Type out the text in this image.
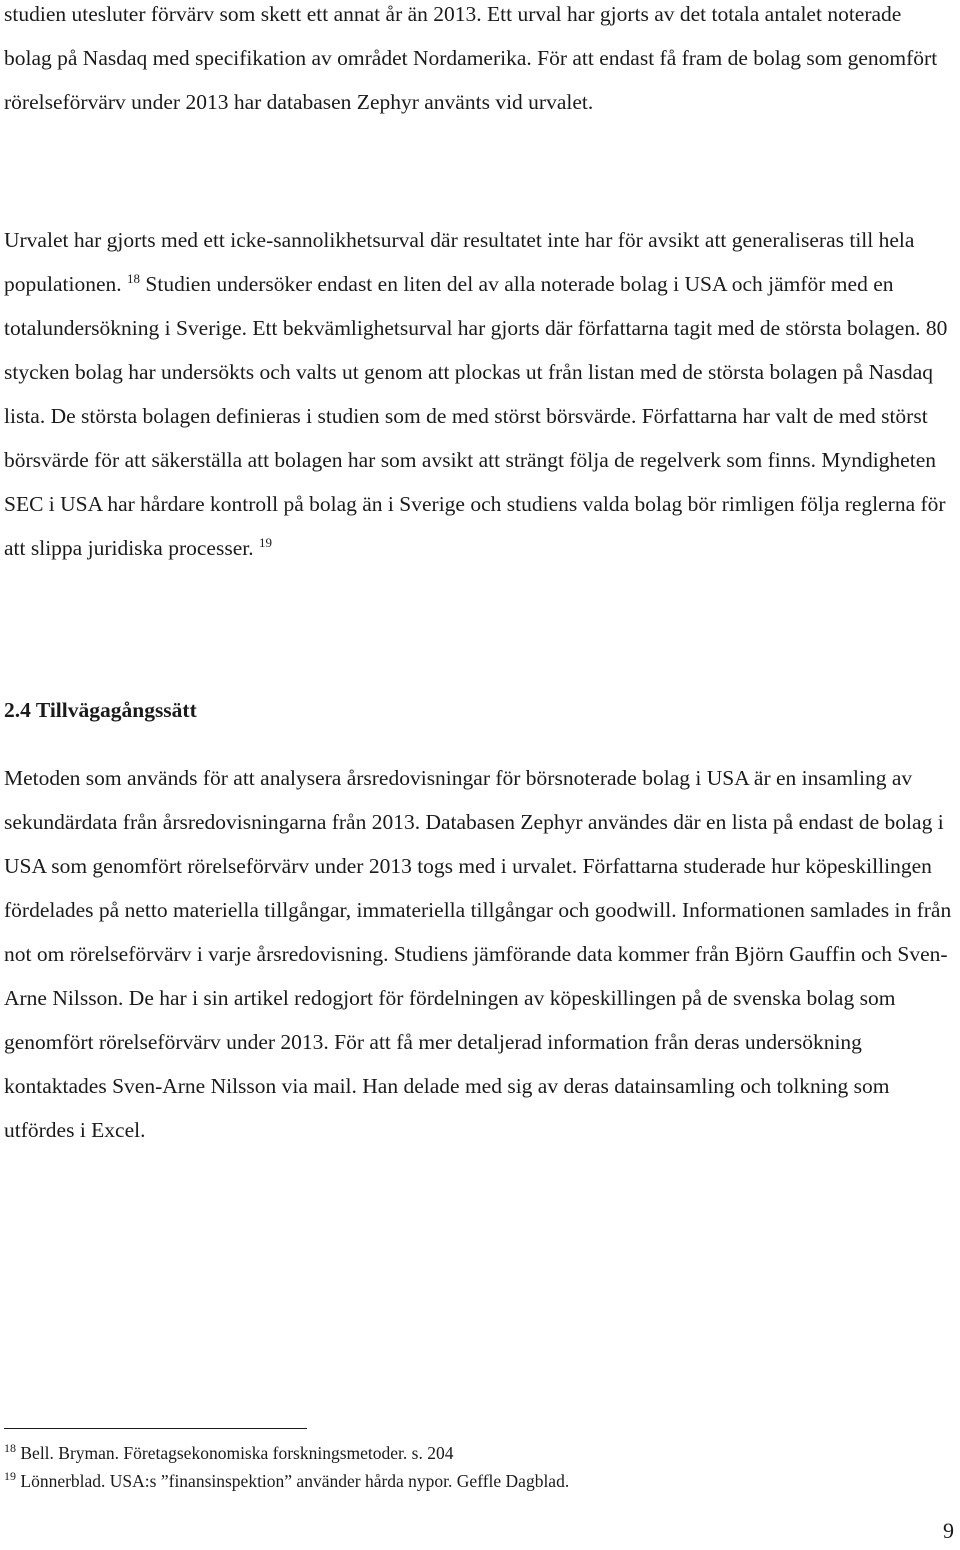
studien utesluter förvärv som skett ett annat år än 2013. Ett urval har gjorts av det totala antalet noterade bolag på Nasdaq med specifikation av området Nordamerika. För att endast få fram de bolag som genomfört rörelseförvärv under 2013 har databasen Zephyr använts vid urvalet.

Urvalet har gjorts med ett icke-sannolikhetsurval där resultatet inte har för avsikt att generaliseras till hela populationen. $^{18}$ Studien undersöker endast en liten del av alla noterade bolag i USA och jämför med en totalundersökning i Sverige. Ett bekvämlighetsurval har gjorts där författarna tagit med de största bolagen. 80 stycken bolag har undersökts och valts ut genom att plockas ut från listan med de största bolagen på Nasdaq lista. De största bolagen definieras i studien som de med störst börsvärde. Författarna har valt de med störst börsvärde för att säkerställa att bolagen har som avsikt att strängt följa de regelverk som finns. Myndigheten SEC i USA har hårdare kontroll på bolag än i Sverige och studiens valda bolag bör rimligen följa reglerna för att slippa juridiska processer. $^{19}$

2.4 Tillvägagångssätt

Metoden som används för att analysera årsredovisningar för börsnoterade bolag i USA är en insamling av sekundärdata från årsredovisningarna från 2013. Databasen Zephyr användes där en lista på endast de bolag i USA som genomfört rörelseförvärv under 2013 togs med i urvalet. Författarna studerade hur köpeskillingen fördelades på netto materiella tillgångar, immateriella tillgångar och goodwill. Informationen samlades in från not om rörelseförvärv i varje årsredovisning. Studiens jämförande data kommer från Björn Gauffin och Sven-Arne Nilsson. De har i sin artikel redogjort för fördelningen av köpeskillingen på de svenska bolag som genomfört rörelseförvärv under 2013. För att få mer detaljerad information från deras undersökning kontaktades Sven-Arne Nilsson via mail. Han delade med sig av deras datainsamling och tolkning som utfördes i Excel.

$^{18}$ Bell. Bryman. Företagsekonomiska forskningsmetoder. s. 204

$^{19}$ Lönnerblad. USA:s ”finansinspektion” använder hårda nypor. Geffle Dagblad.

9
